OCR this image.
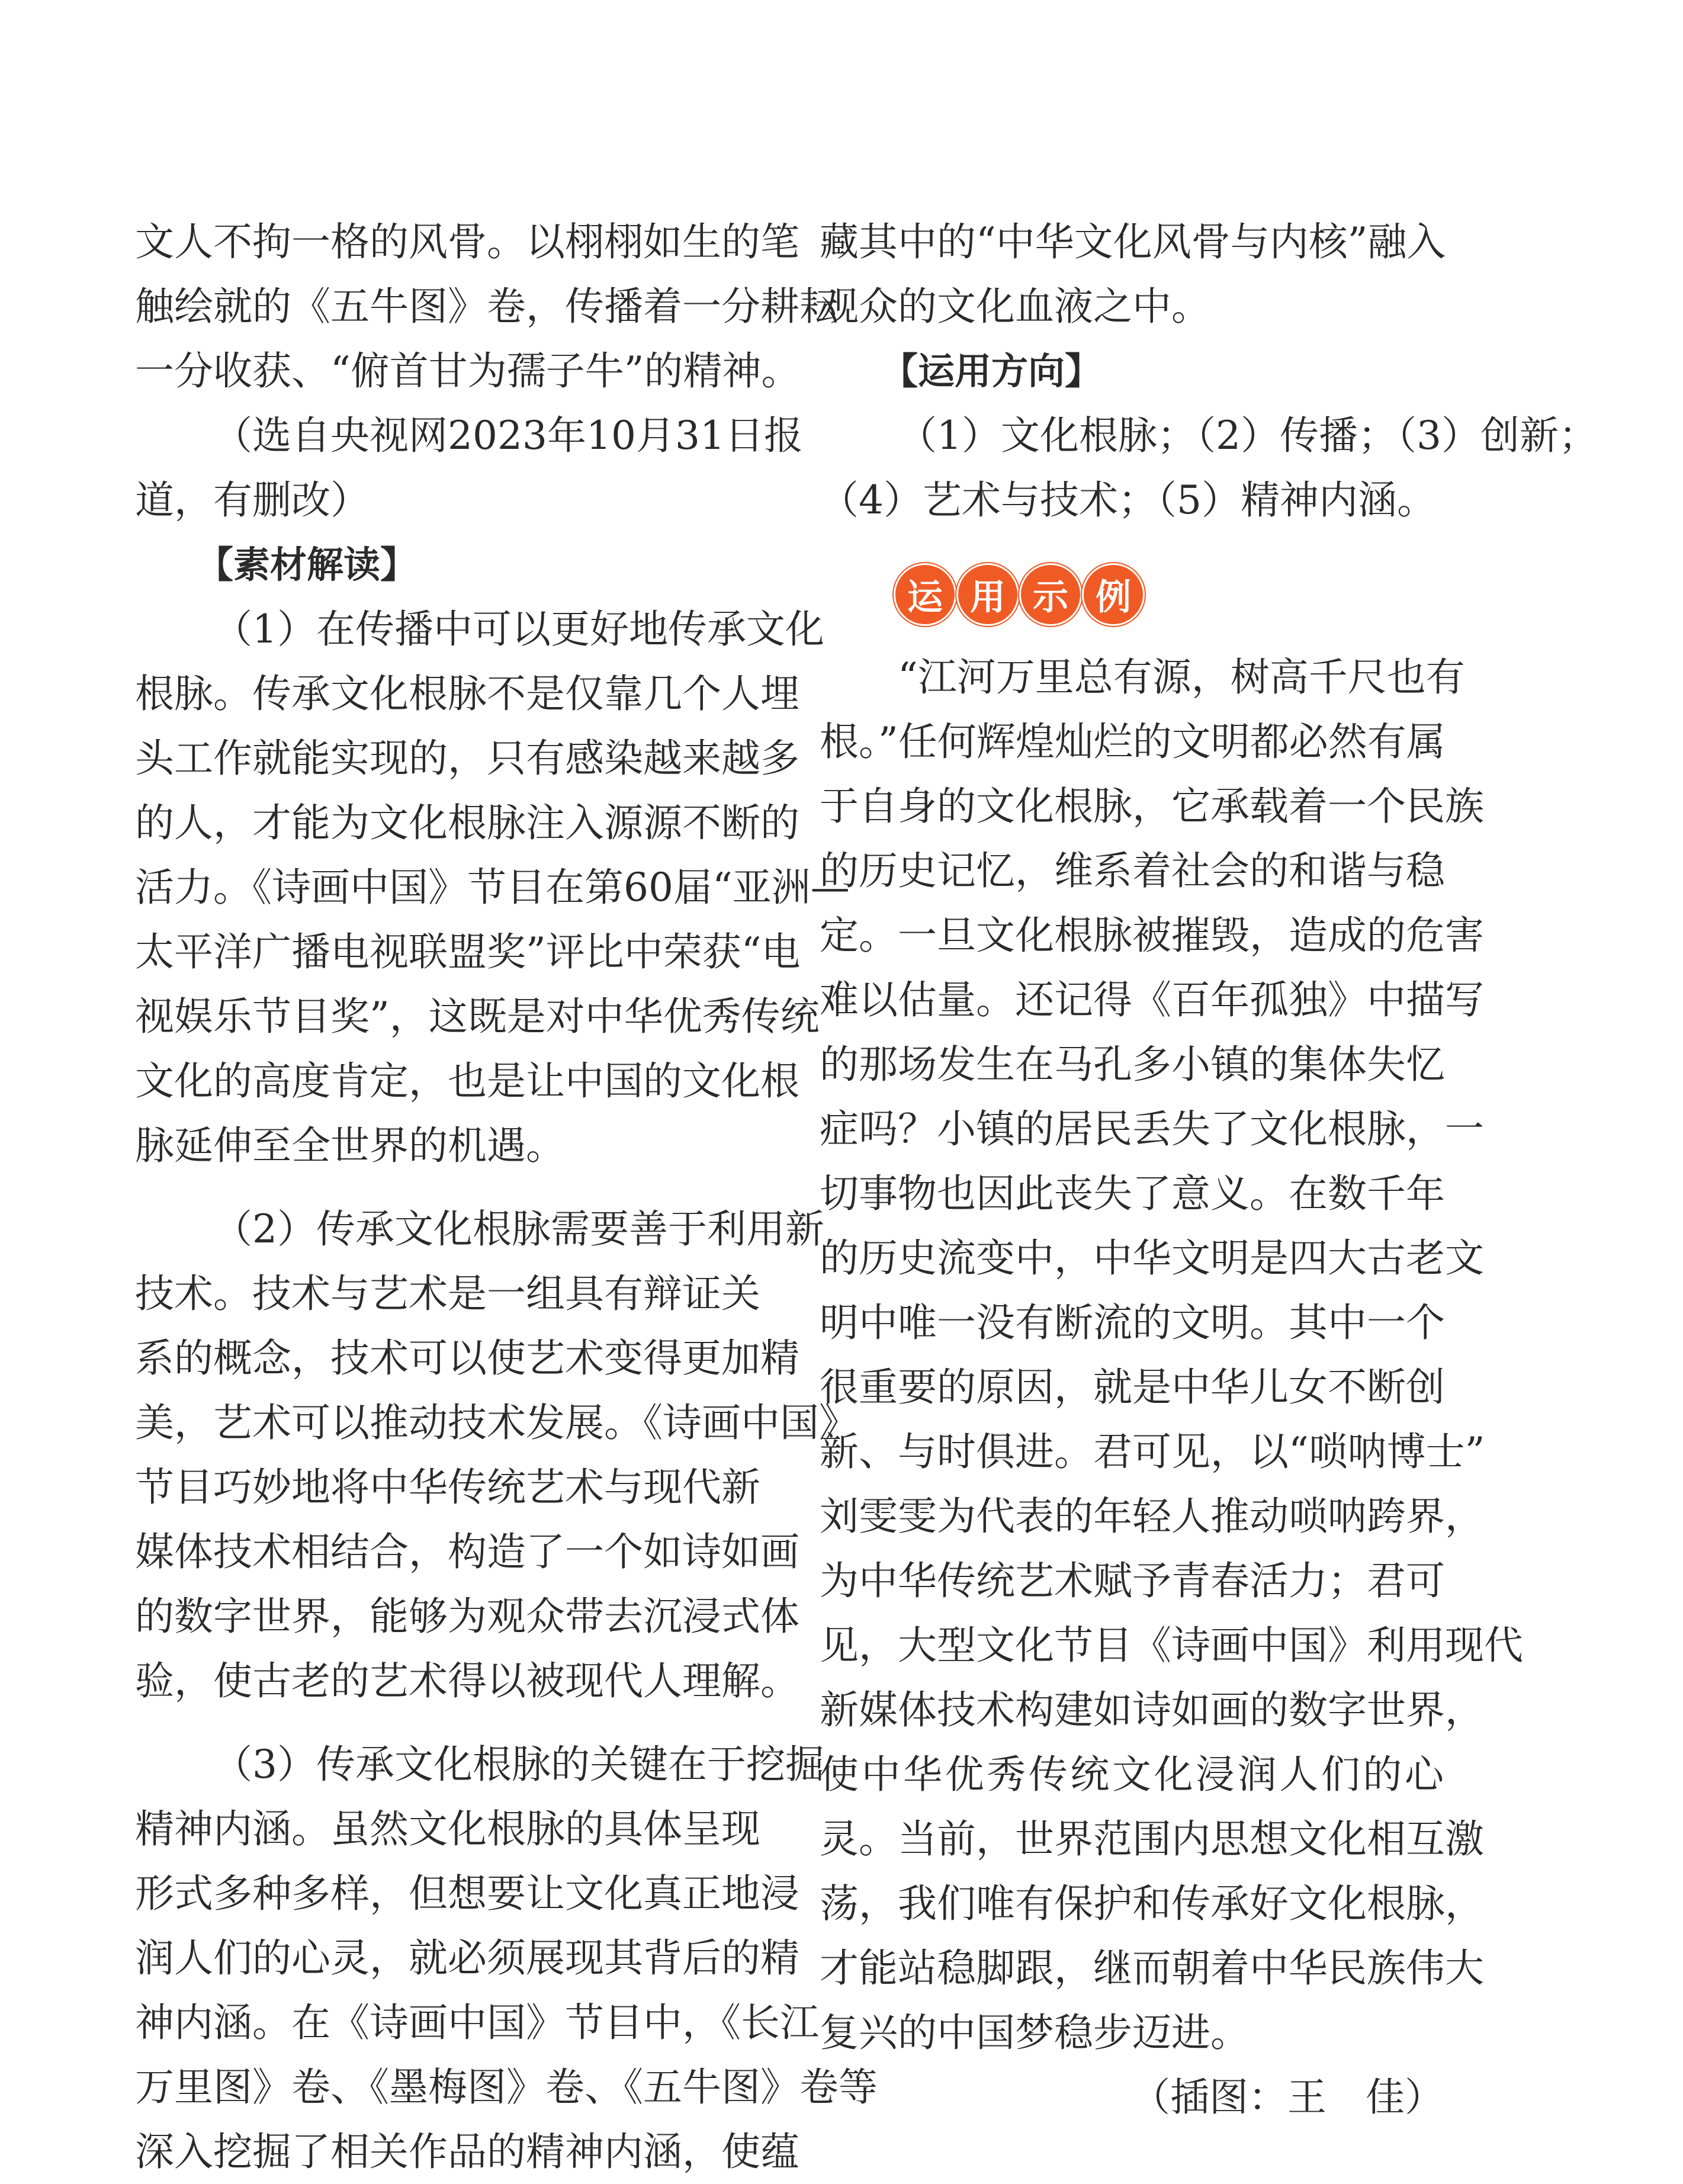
文人不拘一格的风骨。以栩栩如生的笔
触绘就的《五牛图》卷，传播着一分耕耘
一分收获、“俯首甘为孺子牛”的精神。
（选自央视网2023年10月31日报
道，有删改）
【素材解读】
（1）在传播中可以更好地传承文化
根脉。传承文化根脉不是仅靠几个人埋
头工作就能实现的，只有感染越来越多
的人，才能为文化根脉注入源源不断的
活力。《诗画中国》节目在第60届“亚洲—
太平洋广播电视联盟奖”评比中荣获“电
视娱乐节目奖”，这既是对中华优秀传统
文化的高度肯定，也是让中国的文化根
脉延伸至全世界的机遇。
（2）传承文化根脉需要善于利用新
技术。技术与艺术是一组具有辩证关
系的概念，技术可以使艺术变得更加精
美，艺术可以推动技术发展。《诗画中国》
节目巧妙地将中华传统艺术与现代新
媒体技术相结合，构造了一个如诗如画
的数字世界，能够为观众带去沉浸式体
验，使古老的艺术得以被现代人理解。
（3）传承文化根脉的关键在于挖掘
精神内涵。虽然文化根脉的具体呈现
形式多种多样，但想要让文化真正地浸
润人们的心灵，就必须展现其背后的精
神内涵。在《诗画中国》节目中，《长江
万里图》卷、《墨梅图》卷、《五牛图》卷等
深入挖掘了相关作品的精神内涵，使蕴
藏其中的“中华文化风骨与内核”融入
观众的文化血液之中。
【运用方向】
（1）文化根脉；（2）传播；（3）创新；
（4）艺术与技术；（5）精神内涵。
运 用 示 例
“江河万里总有源，树高千尺也有
根。”任何辉煌灿烂的文明都必然有属
于自身的文化根脉，它承载着一个民族
的历史记忆，维系着社会的和谐与稳
定。一旦文化根脉被摧毁，造成的危害
难以估量。还记得《百年孤独》中描写
的那场发生在马孔多小镇的集体失忆
症吗？小镇的居民丢失了文化根脉，一
切事物也因此丧失了意义。在数千年
的历史流变中，中华文明是四大古老文
明中唯一没有断流的文明。其中一个
很重要的原因，就是中华儿女不断创
新、与时俱进。君可见，以“唢呐博士”
刘雯雯为代表的年轻人推动唢呐跨界，
为中华传统艺术赋予青春活力；君可
见，大型文化节目《诗画中国》利用现代
新媒体技术构建如诗如画的数字世界，
使中华优秀传统文化浸润人们的心
灵。当前，世界范围内思想文化相互激
荡，我们唯有保护和传承好文化根脉，
才能站稳脚跟，继而朝着中华民族伟大
复兴的中国梦稳步迈进。
（插图：王　佳）
